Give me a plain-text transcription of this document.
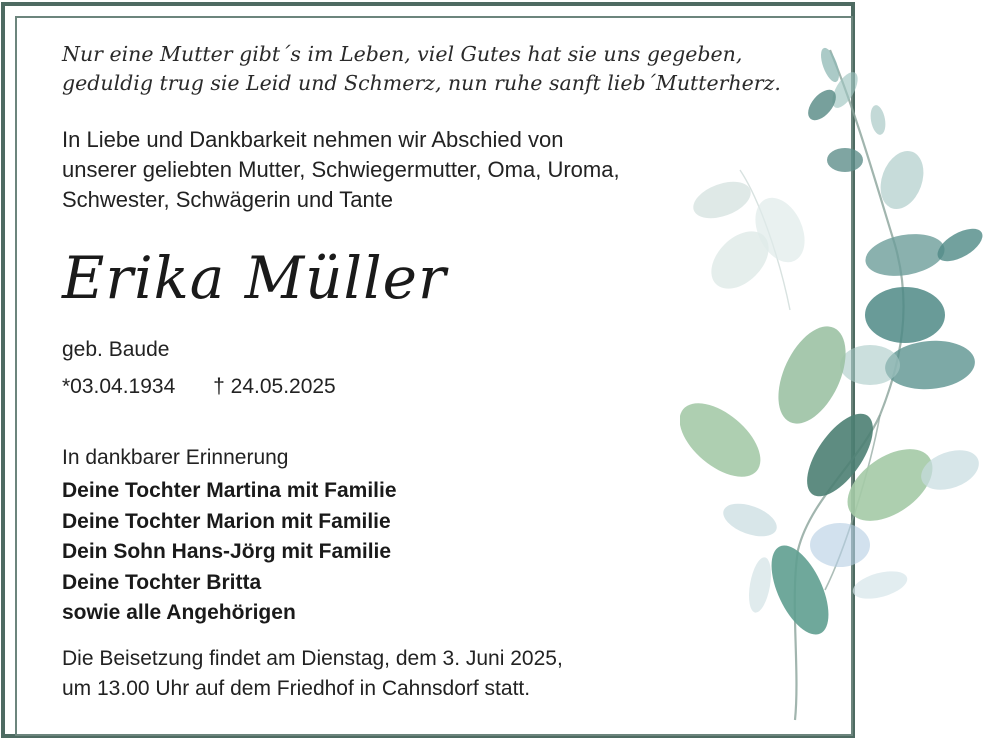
Nur eine Mutter gibt´s im Leben, viel Gutes hat sie uns gegeben,
geduldig trug sie Leid und Schmerz, nun ruhe sanft lieb´Mutterherz.
In Liebe und Dankbarkeit nehmen wir Abschied von
unserer geliebten Mutter, Schwiegermutter, Oma, Uroma,
Schwester, Schwägerin und Tante
Erika Müller
geb. Baude
*03.04.1934 † 24.05.2025
In dankbarer Erinnerung
Deine Tochter Martina mit Familie
Deine Tochter Marion mit Familie
Dein Sohn Hans-Jörg mit Familie
Deine Tochter Britta
sowie alle Angehörigen
Die Beisetzung findet am Dienstag, dem 3. Juni 2025,
um 13.00 Uhr auf dem Friedhof in Cahnsdorf statt.
